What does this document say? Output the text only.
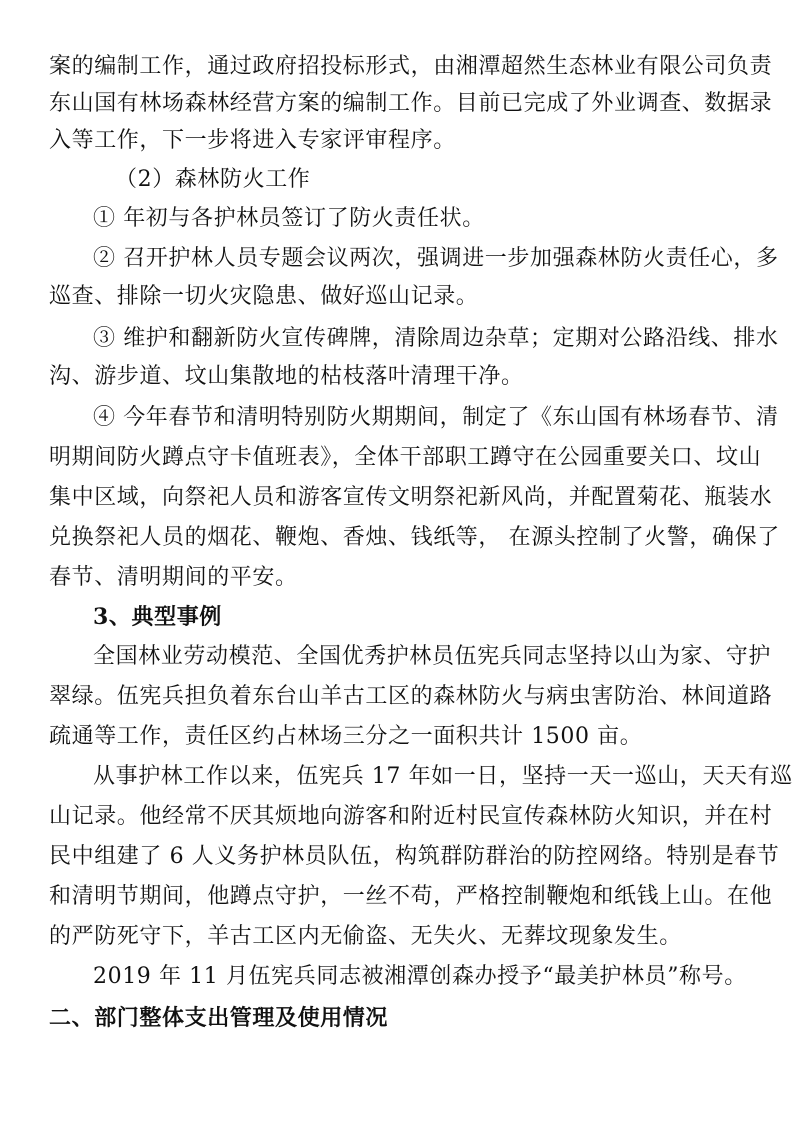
案的编制工作，通过政府招投标形式，由湘潭超然生态林业有限公司负责
东山国有林场森林经营方案的编制工作。目前已完成了外业调查、数据录
入等工作，下一步将进入专家评审程序。
（2）森林防火工作
① 年初与各护林员签订了防火责任状。
② 召开护林人员专题会议两次，强调进一步加强森林防火责任心，多
巡查、排除一切火灾隐患、做好巡山记录。
③ 维护和翻新防火宣传碑牌，清除周边杂草；定期对公路沿线、排水
沟、游步道、坟山集散地的枯枝落叶清理干净。
④ 今年春节和清明特别防火期期间，制定了《东山国有林场春节、清
明期间防火蹲点守卡值班表》，全体干部职工蹲守在公园重要关口、坟山
集中区域，向祭祀人员和游客宣传文明祭祀新风尚，并配置菊花、瓶装水
兑换祭祀人员的烟花、鞭炮、香烛、钱纸等， 在源头控制了火警，确保了
春节、清明期间的平安。
3、典型事例
全国林业劳动模范、全国优秀护林员伍宪兵同志坚持以山为家、守护
翠绿。伍宪兵担负着东台山羊古工区的森林防火与病虫害防治、林间道路
疏通等工作，责任区约占林场三分之一面积共计 1500 亩。
从事护林工作以来，伍宪兵 17 年如一日，坚持一天一巡山，天天有巡
山记录。他经常不厌其烦地向游客和附近村民宣传森林防火知识，并在村
民中组建了 6 人义务护林员队伍，构筑群防群治的防控网络。特别是春节
和清明节期间，他蹲点守护，一丝不苟，严格控制鞭炮和纸钱上山。在他
的严防死守下，羊古工区内无偷盗、无失火、无葬坟现象发生。
2019 年 11 月伍宪兵同志被湘潭创森办授予“最美护林员”称号。
二、部门整体支出管理及使用情况
